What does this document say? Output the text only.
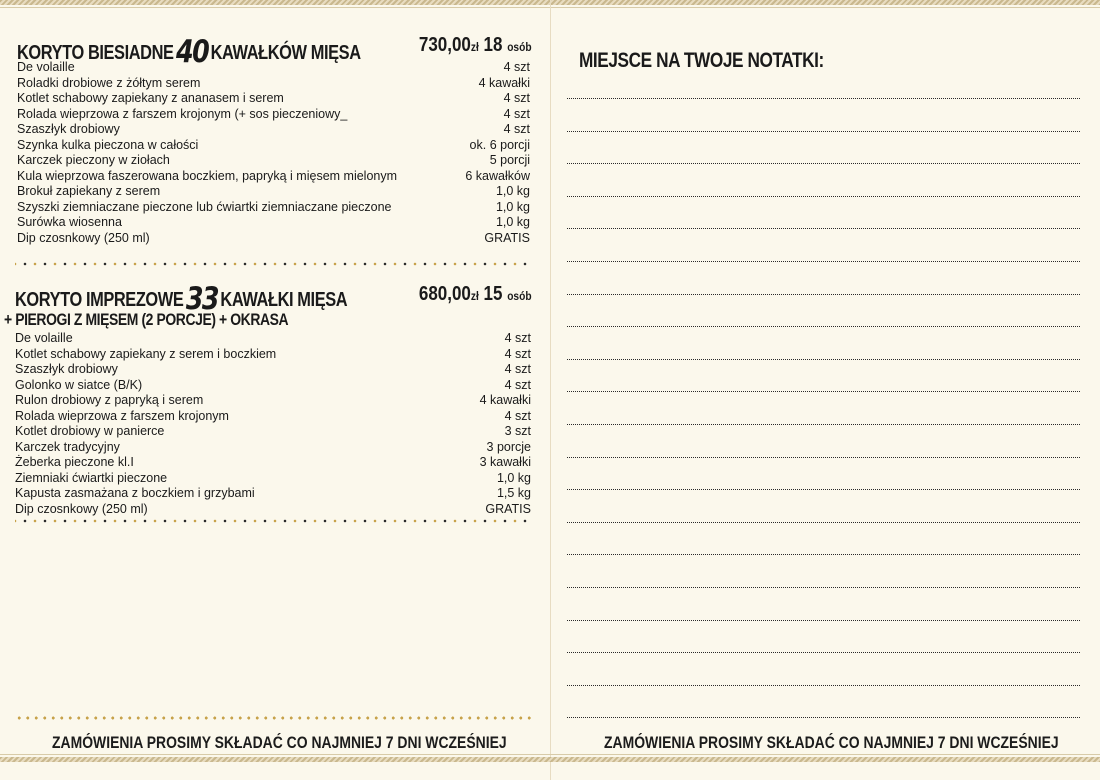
KORYTO BIESIADNE40 KAWAŁKÓW MIĘSA	730,00zł 18 osób
De volaille	4 szt
Roladki drobiowe z żółtym serem	4 kawałki
Kotlet schabowy zapiekany z ananasem i serem	4 szt
Rolada wieprzowa z farszem krojonym (+ sos pieczeniowy_	4 szt
Szaszłyk drobiowy	4 szt
Szynka kulka pieczona w całości	ok. 6 porcji
Karczek pieczony w ziołach	5 porcji
Kula wieprzowa faszerowana boczkiem, papryką i mięsem mielonym	6 kawałków
Brokuł zapiekany z serem	1,0 kg
Szyszki ziemniaczane pieczone lub ćwiartki ziemniaczane pieczone	1,0 kg
Surówka wiosenna	1,0 kg
Dip czosnkowy (250 ml)	GRATIS
KORYTO IMPREZOWE33 KAWAŁKI MIĘSA	680,00zł 15 osób
+ PIEROGI Z MIĘSEM (2 PORCJE) + OKRASA
De volaille	4 szt
Kotlet schabowy zapiekany z serem i boczkiem	4 szt
Szaszłyk drobiowy	4 szt
Golonko w siatce (B/K)	4 szt
Rulon drobiowy z papryką i serem	4 kawałki
Rolada wieprzowa z farszem krojonym	4 szt
Kotlet drobiowy w panierce	3 szt
Karczek tradycyjny	3 porcje
Żeberka pieczone kl.I	3 kawałki
Ziemniaki ćwiartki pieczone	1,0 kg
Kapusta zasmażana z boczkiem i grzybami	1,5 kg
Dip czosnkowy (250 ml)	GRATIS
ZAMÓWIENIA PROSIMY SKŁADAĆ CO NAJMNIEJ 7 DNI WCZEŚNIEJ
MIEJSCE NA TWOJE NOTATKI:
ZAMÓWIENIA PROSIMY SKŁADAĆ CO NAJMNIEJ 7 DNI WCZEŚNIEJ
